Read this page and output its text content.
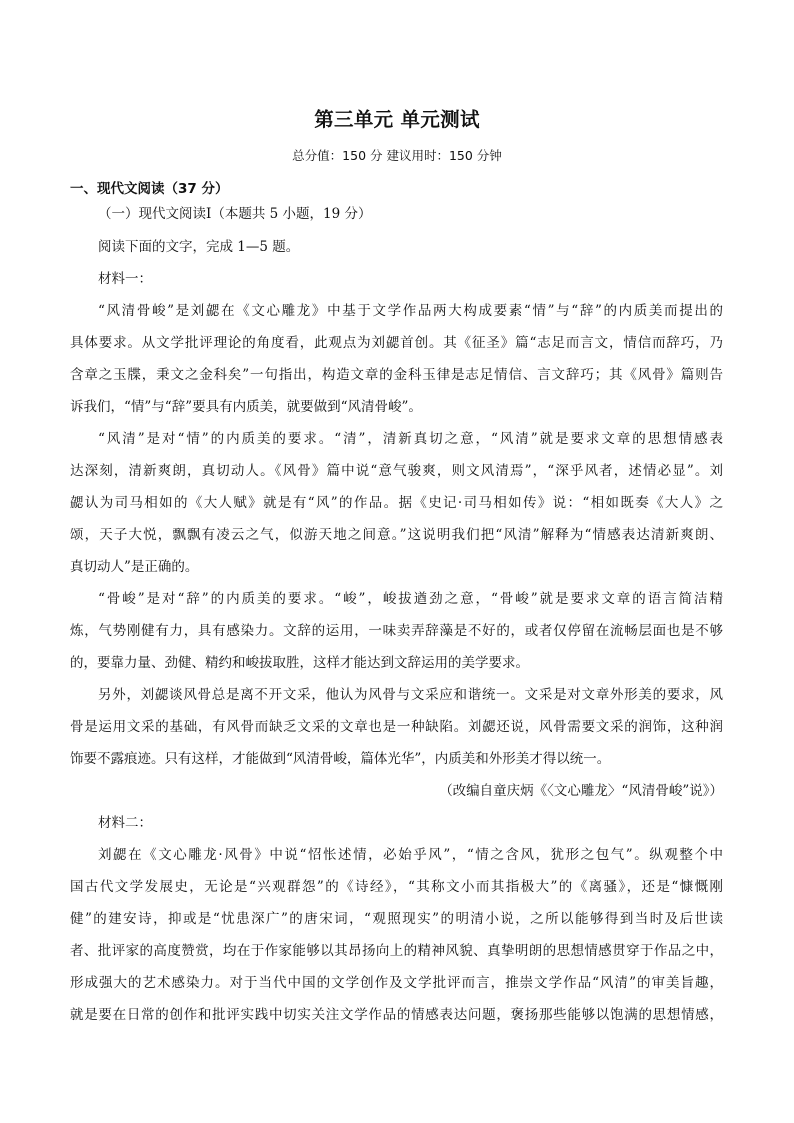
第三单元 单元测试
总分值：150 分 建议用时：150 分钟
一、现代文阅读（37 分）
（一）现代文阅读Ⅰ（本题共 5 小题，19 分）
阅读下面的文字，完成 1—5 题。
材料一：
“风清骨峻”是刘勰在《文心雕龙》中基于文学作品两大构成要素“情”与“辞”的内质美而提出的
具体要求。从文学批评理论的角度看，此观点为刘勰首创。其《征圣》篇“志足而言文，情信而辞巧，乃
含章之玉牒，秉文之金科矣”一句指出，构造文章的金科玉律是志足情信、言文辞巧；其《风骨》篇则告
诉我们，“情”与“辞”要具有内质美，就要做到“风清骨峻”。
“风清”是对“情”的内质美的要求。“清”，清新真切之意，“风清”就是要求文章的思想情感表
达深刻，清新爽朗，真切动人。《风骨》篇中说“意气骏爽，则文风清焉”，“深乎风者，述情必显”。刘
勰认为司马相如的《大人赋》就是有“风”的作品。据《史记·司马相如传》说：“相如既奏《大人》之
颂，天子大悦，飘飘有凌云之气，似游天地之间意。”这说明我们把“风清”解释为“情感表达清新爽朗、
真切动人”是正确的。
“骨峻”是对“辞”的内质美的要求。“峻”，峻拔遒劲之意，“骨峻”就是要求文章的语言简洁精
炼，气势刚健有力，具有感染力。文辞的运用，一味卖弄辞藻是不好的，或者仅停留在流畅层面也是不够
的，要靠力量、劲健、精约和峻拔取胜，这样才能达到文辞运用的美学要求。
另外，刘勰谈风骨总是离不开文采，他认为风骨与文采应和谐统一。文采是对文章外形美的要求，风
骨是运用文采的基础，有风骨而缺乏文采的文章也是一种缺陷。刘勰还说，风骨需要文采的润饰，这种润
饰要不露痕迹。只有这样，才能做到“风清骨峻，篇体光华”，内质美和外形美才得以统一。
（改编自童庆炳《〈文心雕龙〉“风清骨峻”说》）
材料二：
刘勰在《文心雕龙·风骨》中说“怊怅述情，必始乎风”，“情之含风，犹形之包气”。纵观整个中
国古代文学发展史，无论是“兴观群怨”的《诗经》，“其称文小而其指极大”的《离骚》，还是“慷慨刚
健”的建安诗，抑或是“忧患深广”的唐宋词，“观照现实”的明清小说，之所以能够得到当时及后世读
者、批评家的高度赞赏，均在于作家能够以其昂扬向上的精神风貌、真挚明朗的思想情感贯穿于作品之中，
形成强大的艺术感染力。对于当代中国的文学创作及文学批评而言，推崇文学作品“风清”的审美旨趣，
就是要在日常的创作和批评实践中切实关注文学作品的情感表达问题，褒扬那些能够以饱满的思想情感，
